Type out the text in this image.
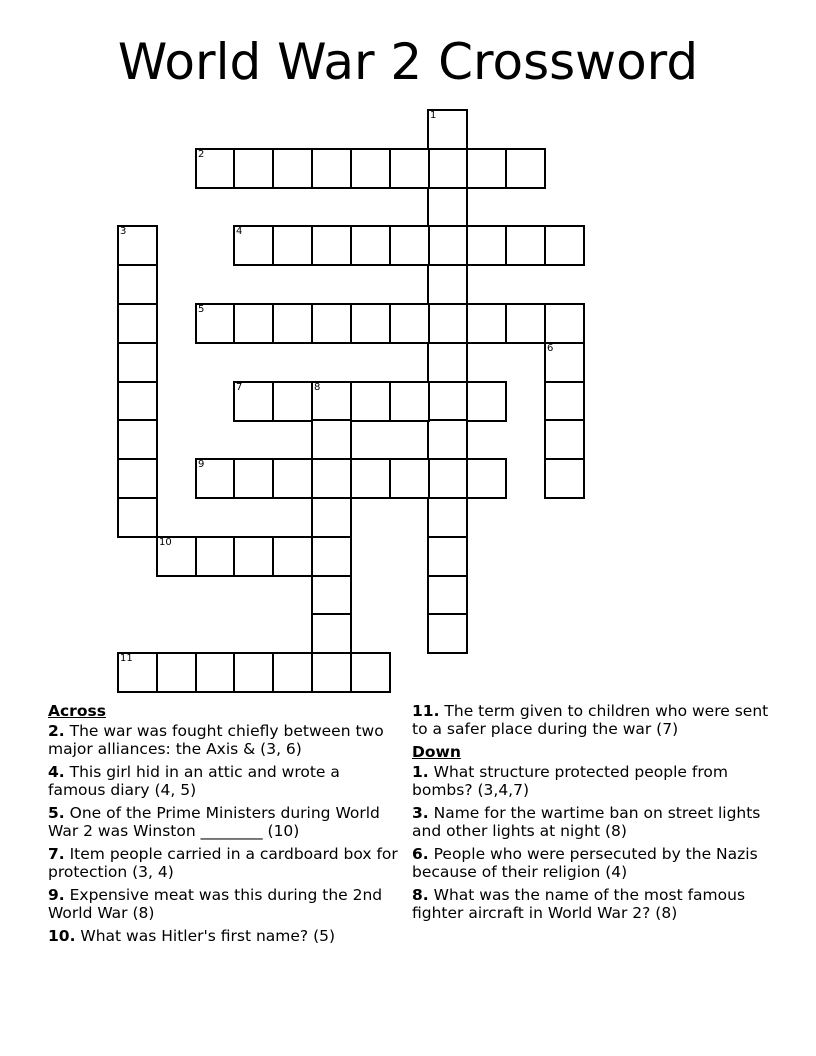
World War 2 Crossword
1
2
3	4
5
6
7	8
9
10
11
Across
2. The war was fought chiefly between two major alliances: the Axis & (3, 6)
4. This girl hid in an attic and wrote a famous diary (4, 5)
5. One of the Prime Ministers during World War 2 was Winston ________ (10)
7. Item people carried in a cardboard box for protection (3, 4)
9. Expensive meat was this during the 2nd World War (8)
10. What was Hitler's first name? (5)
11. The term given to children who were sent to a safer place during the war (7)
Down
1. What structure protected people from bombs? (3,4,7)
3. Name for the wartime ban on street lights and other lights at night (8)
6. People who were persecuted by the Nazis because of their religion (4)
8. What was the name of the most famous fighter aircraft in World War 2? (8)
